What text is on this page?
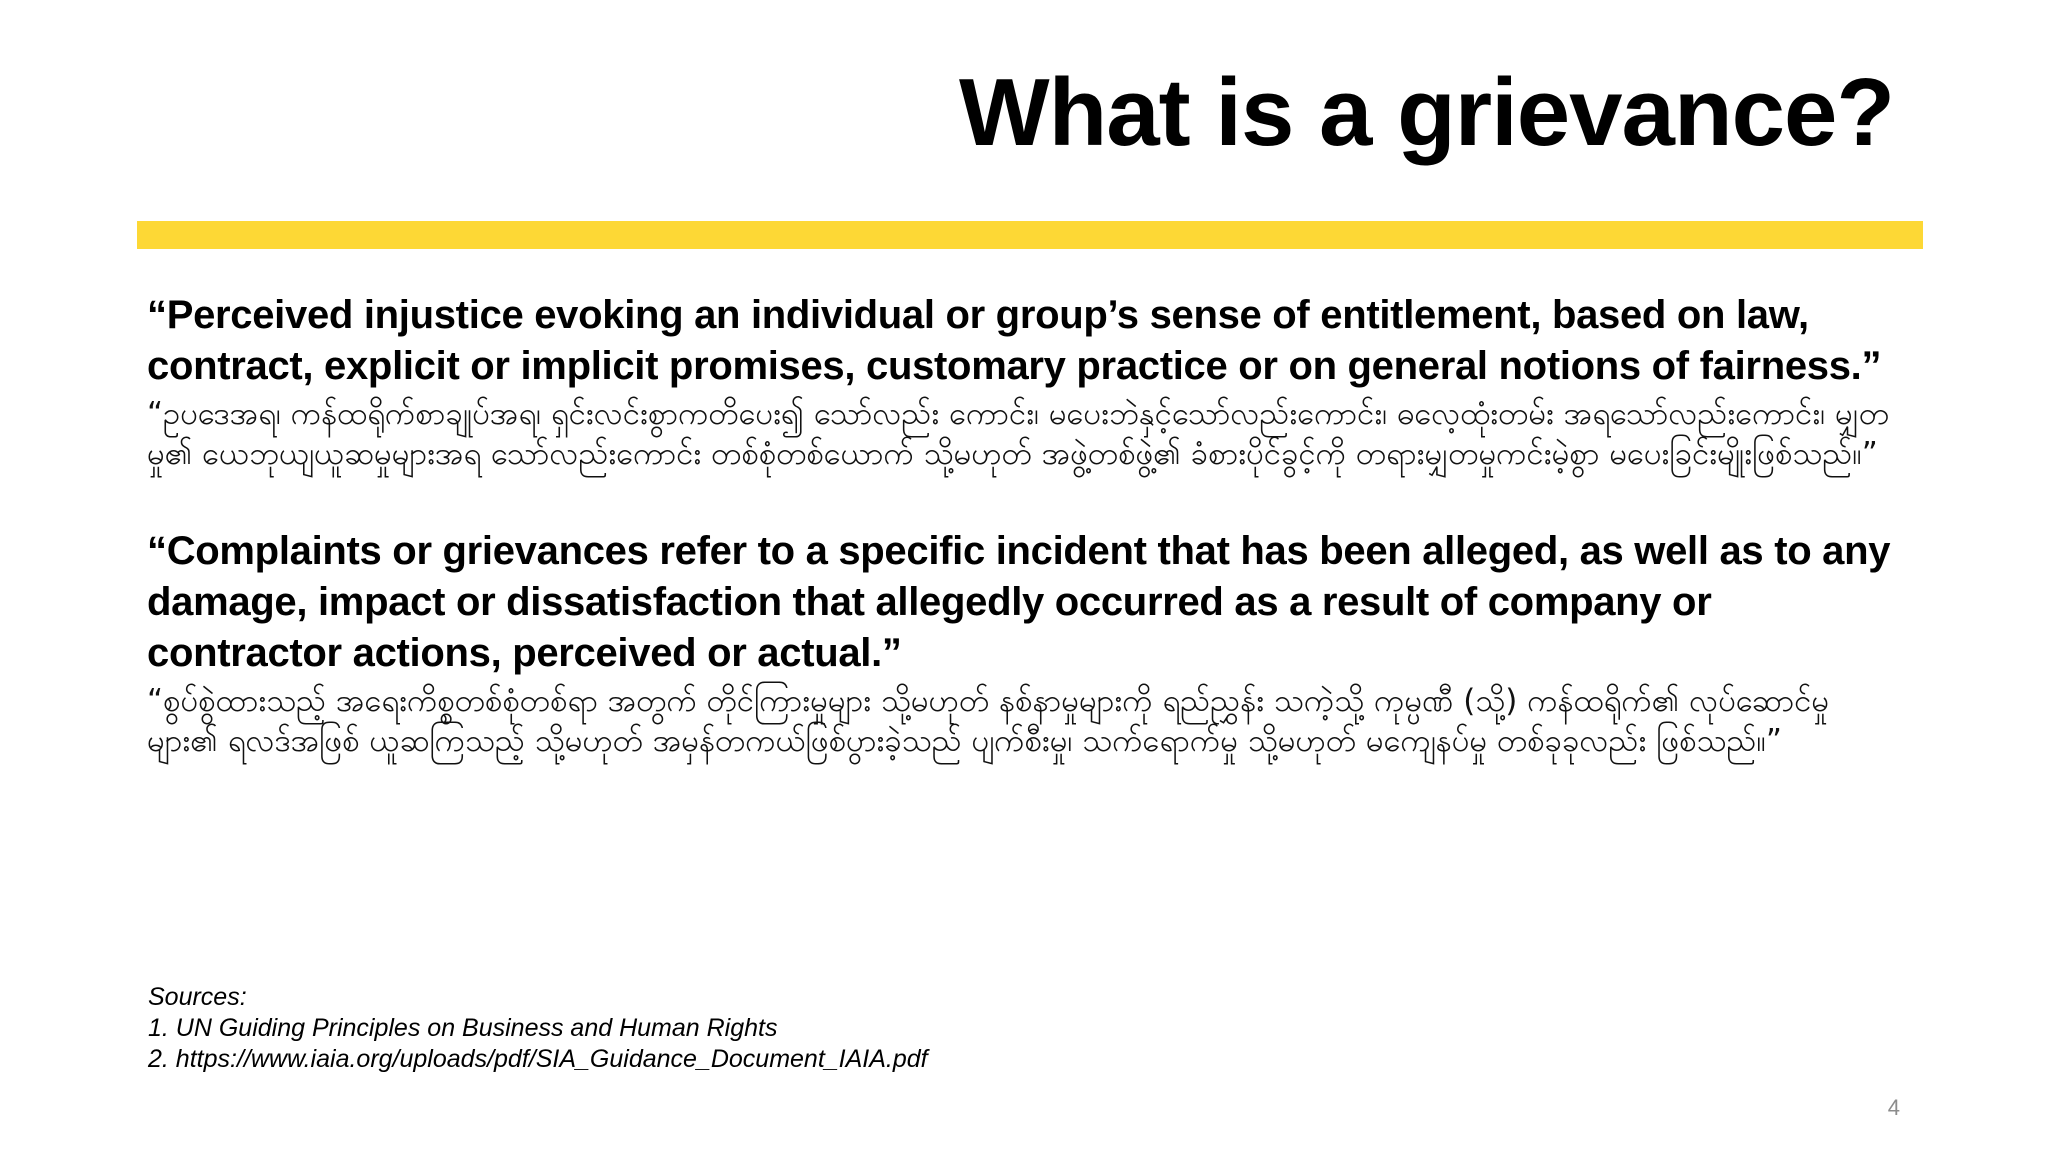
What is a grievance?

“Perceived injustice evoking an individual or group’s sense of entitlement, based on law, contract, explicit or implicit promises, customary practice or on general notions of fairness.”

“ဥပဒေအရ၊ ကန်ထရိုက်စာချုပ်အရ၊ ရှင်းလင်းစွာကတိပေး၍ သော်လည်း ကောင်း၊ မပေးဘဲနှင့်သော်လည်းကောင်း၊ ဓလေ့ထုံးတမ်း အရသော်လည်းကောင်း၊ မျှတမှု၏ ယေဘုယျယူဆမှုများအရ သော်လည်းကောင်း တစ်စုံတစ်ယောက် သို့မဟုတ် အဖွဲ့တစ်ဖွဲ့၏ ခံစားပိုင်ခွင့်ကို တရားမျှတမှုကင်းမဲ့စွာ မပေးခြင်းမျိုးဖြစ်သည်။”

“Complaints or grievances refer to a specific incident that has been alleged, as well as to any damage, impact or dissatisfaction that allegedly occurred as a result of company or contractor actions, perceived or actual.”

“စွပ်စွဲထားသည့် အရေးကိစ္စတစ်စုံတစ်ရာ အတွက် တိုင်ကြားမှုများ သို့မဟုတ် နစ်နာမှုများကို ရည်ညွှန်း သကဲ့သို့ ကုမ္ပဏီ (သို့) ကန်ထရိုက်၏ လုပ်ဆောင်မှု များ၏ ရလဒ်အဖြစ် ယူဆကြသည့် သို့မဟုတ် အမှန်တကယ်ဖြစ်ပွားခဲ့သည် ပျက်စီးမှု၊ သက်ရောက်မှု သို့မဟုတ် မကျေနပ်မှု တစ်ခုခုလည်း ဖြစ်သည်။”

Sources:
1. UN Guiding Principles on Business and Human Rights
2. https://www.iaia.org/uploads/pdf/SIA_Guidance_Document_IAIA.pdf
4
